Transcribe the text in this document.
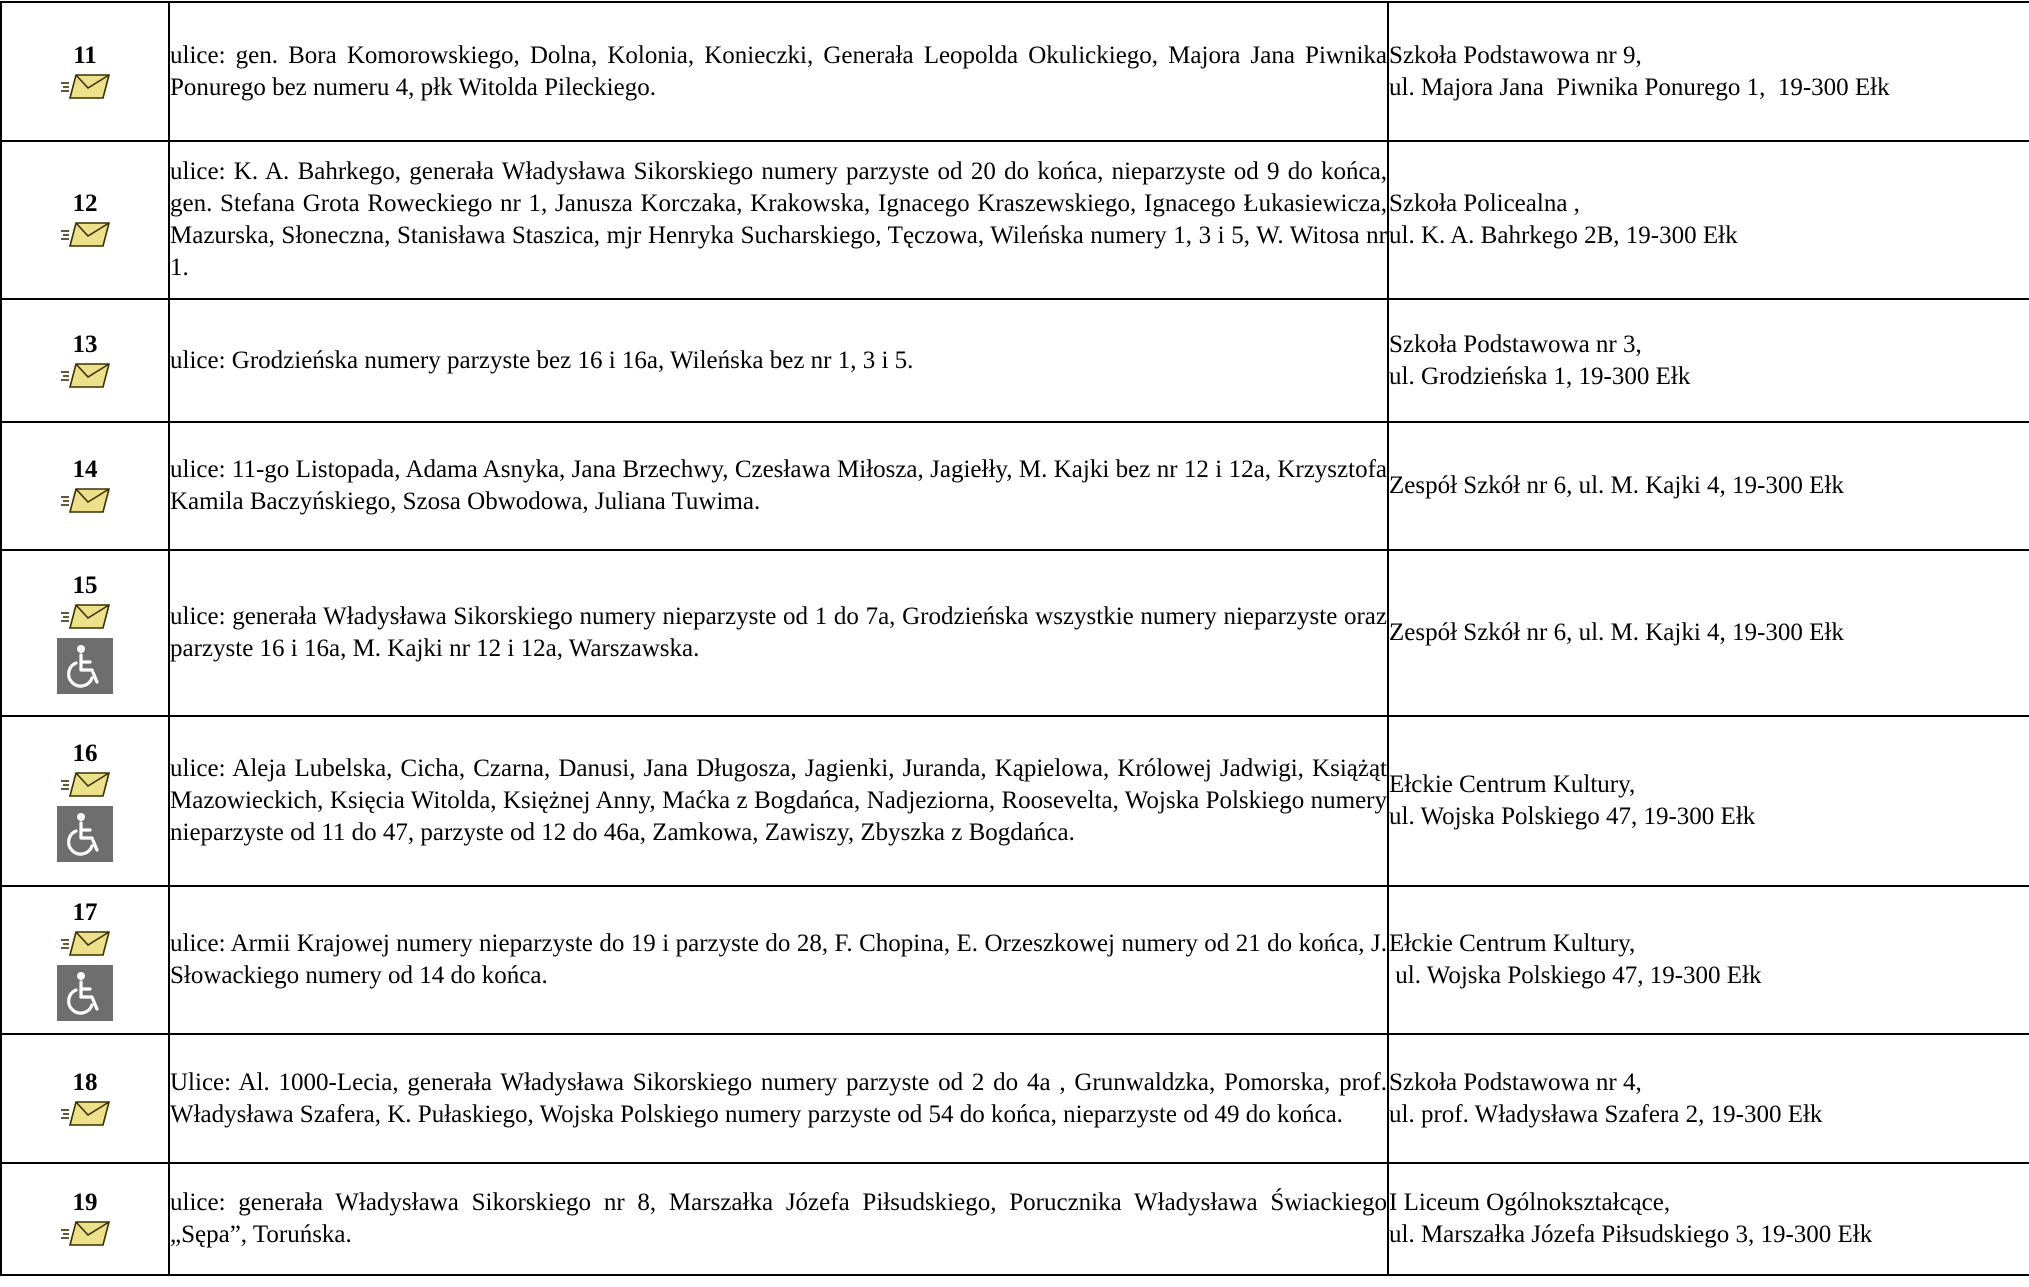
11	ulice: gen. Bora Komorowskiego, Dolna, Kolonia, Konieczki, Generała Leopolda Okulickiego, Majora Jana Piwnika Ponurego bez numeru 4, płk Witolda Pileckiego.	Szkoła Podstawowa nr 9,
ul. Majora Jana  Piwnika Ponurego 1,  19-300 Ełk

12	ulice: K. A. Bahrkego, generała Władysława Sikorskiego numery parzyste od 20 do końca, nieparzyste od 9 do końca, gen. Stefana Grota Roweckiego nr 1, Janusza Korczaka, Krakowska, Ignacego Kraszewskiego, Ignacego Łukasiewicza, Mazurska, Słoneczna, Stanisława Staszica, mjr Henryka Sucharskiego, Tęczowa, Wileńska numery 1, 3 i 5, W. Witosa nr 1.	Szkoła Policealna ,
ul. K. A. Bahrkego 2B, 19-300 Ełk

13	ulice: Grodzieńska numery parzyste bez 16 i 16a, Wileńska bez nr 1, 3 i 5.	Szkoła Podstawowa nr 3,
ul. Grodzieńska 1, 19-300 Ełk

14	ulice: 11-go Listopada, Adama Asnyka, Jana Brzechwy, Czesława Miłosza, Jagiełły, M. Kajki bez nr 12 i 12a, Krzysztofa Kamila Baczyńskiego, Szosa Obwodowa, Juliana Tuwima.	Zespół Szkół nr 6, ul. M. Kajki 4, 19-300 Ełk

15	ulice: generała Władysława Sikorskiego numery nieparzyste od 1 do 7a, Grodzieńska wszystkie numery nieparzyste oraz parzyste 16 i 16a, M. Kajki nr 12 i 12a, Warszawska.	Zespół Szkół nr 6, ul. M. Kajki 4, 19-300 Ełk

16	ulice: Aleja Lubelska, Cicha, Czarna, Danusi, Jana Długosza, Jagienki, Juranda, Kąpielowa, Królowej Jadwigi, Książąt Mazowieckich, Księcia Witolda, Księżnej Anny, Maćka z Bogdańca, Nadjeziorna, Roosevelta, Wojska Polskiego numery nieparzyste od 11 do 47, parzyste od 12 do 46a, Zamkowa, Zawiszy, Zbyszka z Bogdańca.	Ełckie Centrum Kultury,
ul. Wojska Polskiego 47, 19-300 Ełk

17	ulice: Armii Krajowej numery nieparzyste do 19 i parzyste do 28, F. Chopina, E. Orzeszkowej numery od 21 do końca, J. Słowackiego numery od 14 do końca.	Ełckie Centrum Kultury,
ul. Wojska Polskiego 47, 19-300 Ełk

18	Ulice: Al. 1000-Lecia, generała Władysława Sikorskiego numery parzyste od 2 do 4a , Grunwaldzka, Pomorska, prof. Władysława Szafera, K. Pułaskiego, Wojska Polskiego numery parzyste od 54 do końca, nieparzyste od 49 do końca.	Szkoła Podstawowa nr 4,
ul. prof. Władysława Szafera 2, 19-300 Ełk

19	ulice: generała Władysława Sikorskiego nr 8, Marszałka Józefa Piłsudskiego, Porucznika Władysława Świackiego „Sępa”, Toruńska.	I Liceum Ogólnokształcące,
ul. Marszałka Józefa Piłsudskiego 3, 19-300 Ełk
